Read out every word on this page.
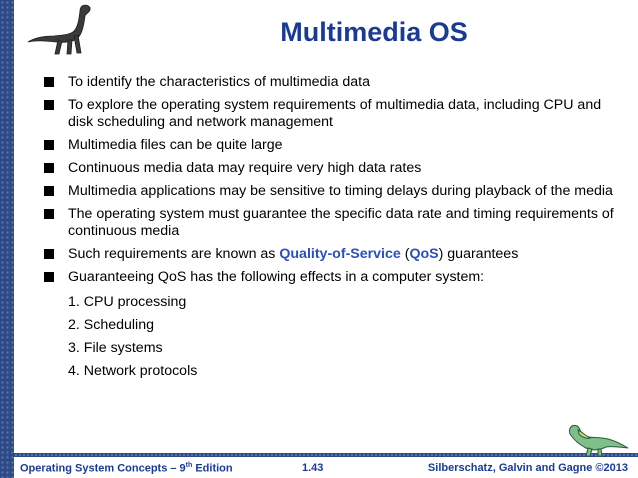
Multimedia OS
To identify the characteristics of multimedia data
To explore the operating system requirements of multimedia data, including CPU and disk scheduling and network management
Multimedia files can be quite large
Continuous media data may require very high data rates
Multimedia applications may be sensitive to timing delays during playback of the media
The operating system must guarantee the specific data rate and timing requirements of continuous media
Such requirements are known as Quality-of-Service (QoS) guarantees
Guaranteeing QoS has the following effects in a computer system:
1. CPU processing
2. Scheduling
3. File systems
4. Network protocols
Operating System Concepts – 9th Edition	1.43	Silberschatz, Galvin and Gagne ©2013
